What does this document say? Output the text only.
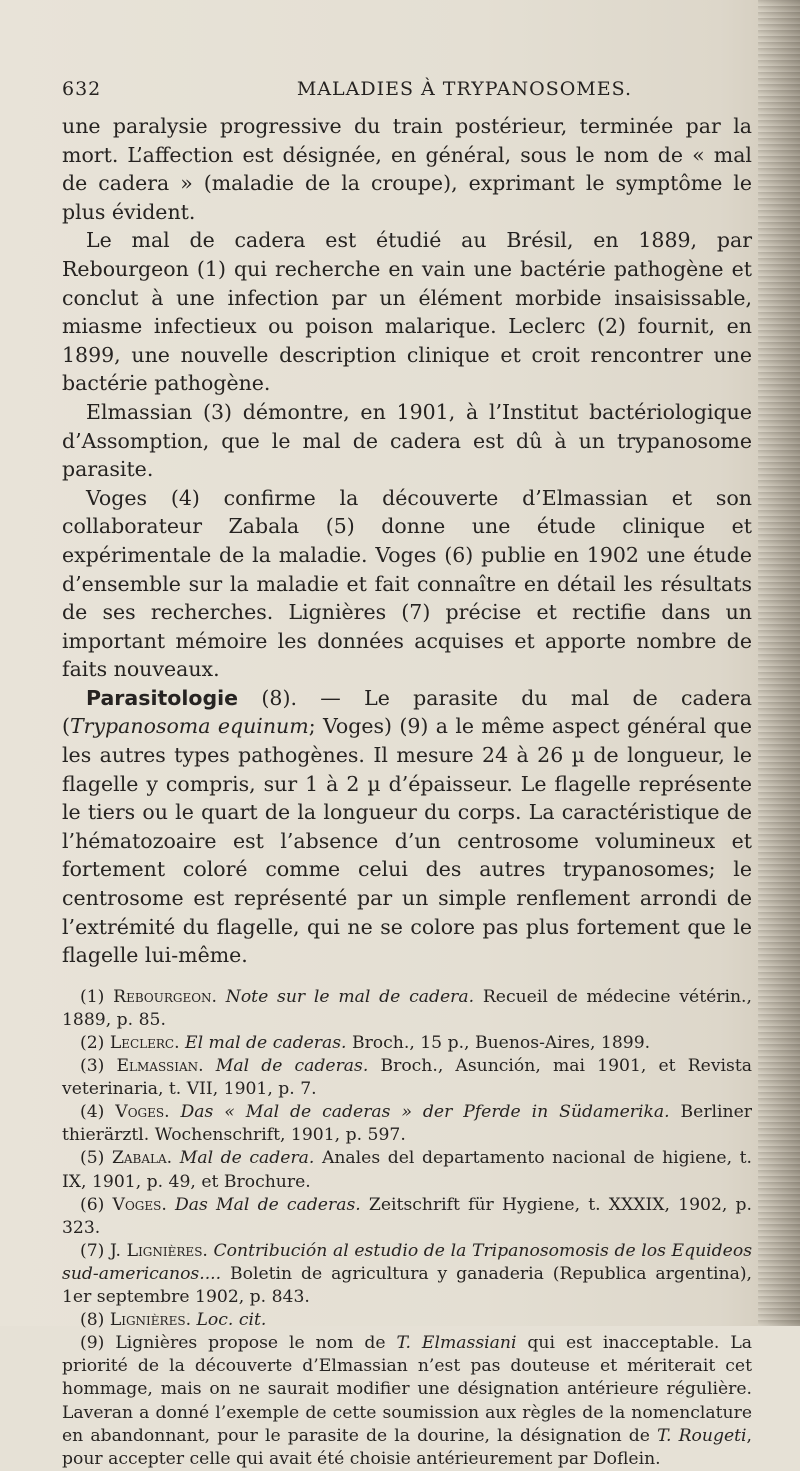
632	MALADIES À TRYPANOSOMES.

une paralysie progressive du train postérieur, terminée par la mort. L’affection est désignée, en général, sous le nom de « mal de cadera » (maladie de la croupe), exprimant le symptôme le plus évident.

Le mal de cadera est étudié au Brésil, en 1889, par Rebourgeon (1) qui recherche en vain une bactérie pathogène et conclut à une infection par un élément morbide insaisissable, miasme infectieux ou poison malarique. Leclerc (2) fournit, en 1899, une nouvelle description clinique et croit rencontrer une bactérie pathogène.

Elmassian (3) démontre, en 1901, à l’Institut bactériologique d’Assomption, que le mal de cadera est dû à un trypanosome parasite.

Voges (4) confirme la découverte d’Elmassian et son collaborateur Zabala (5) donne une étude clinique et expérimentale de la maladie. Voges (6) publie en 1902 une étude d’ensemble sur la maladie et fait connaître en détail les résultats de ses recherches. Lignières (7) précise et rectifie dans un important mémoire les données acquises et apporte nombre de faits nouveaux.

Parasitologie (8). — Le parasite du mal de cadera (Trypanosoma equinum; Voges) (9) a le même aspect général que les autres types pathogènes. Il mesure 24 à 26 µ de longueur, le flagelle y compris, sur 1 à 2 µ d’épaisseur. Le flagelle représente le tiers ou le quart de la longueur du corps. La caractéristique de l’hématozoaire est l’absence d’un centrosome volumineux et fortement coloré comme celui des autres trypanosomes; le centrosome est représenté par un simple renflement arrondi de l’extrémité du flagelle, qui ne se colore pas plus fortement que le flagelle lui-même.

(1) Rebourgeon. Note sur le mal de cadera. Recueil de médecine vétérin., 1889, p. 85.

(2) Leclerc. El mal de caderas. Broch., 15 p., Buenos-Aires, 1899.

(3) Elmassian. Mal de caderas. Broch., Asunción, mai 1901, et Revista veterinaria, t. VII, 1901, p. 7.

(4) Voges. Das « Mal de caderas » der Pferde in Südamerika. Berliner thierärztl. Wochenschrift, 1901, p. 597.

(5) Zabala. Mal de cadera. Anales del departamento nacional de higiene, t. IX, 1901, p. 49, et Brochure.

(6) Voges. Das Mal de caderas. Zeitschrift für Hygiene, t. XXXIX, 1902, p. 323.

(7) J. Lignières. Contribución al estudio de la Tripanosomosis de los Equideos sud-americanos.... Boletin de agricultura y ganaderia (Republica argentina), 1er septembre 1902, p. 843.

(8) Lignières. Loc. cit.

(9) Lignières propose le nom de T. Elmassiani qui est inacceptable. La priorité de la découverte d’Elmassian n’est pas douteuse et mériterait cet hommage, mais on ne saurait modifier une désignation antérieure régulière. Laveran a donné l’exemple de cette soumission aux règles de la nomenclature en abandonnant, pour le parasite de la dourine, la désignation de T. Rougeti, pour accepter celle qui avait été choisie antérieurement par Doflein.
